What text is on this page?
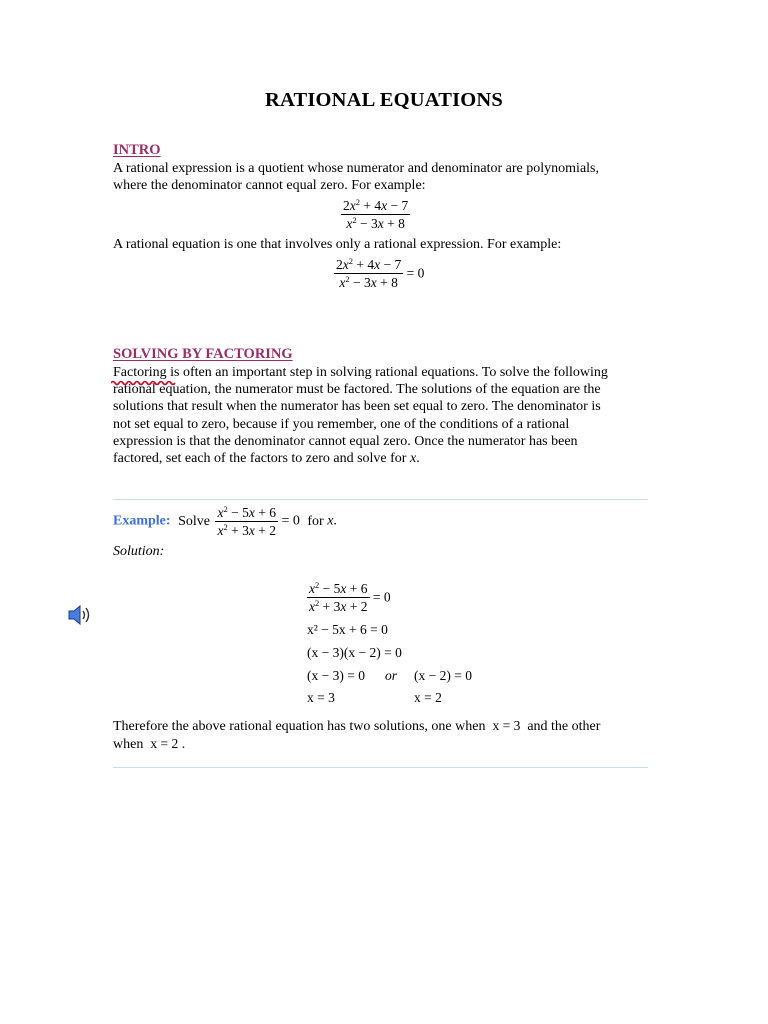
RATIONAL EQUATIONS
INTRO
A rational expression is a quotient whose numerator and denominator are polynomials,
where the denominator cannot equal zero. For example:
$\frac{2x^2 + 4x - 7}{x^2 - 3x + 8}$
A rational equation is one that involves only a rational expression. For example:
$\frac{2x^2 + 4x - 7}{x^2 - 3x + 8} = 0$
SOLVING BY FACTORING
Factoring is often an important step in solving rational equations. To solve the following
rational equation, the numerator must be factored. The solutions of the equation are the
solutions that result when the numerator has been set equal to zero. The denominator is
not set equal to zero, because if you remember, one of the conditions of a rational
expression is that the denominator cannot equal zero. Once the numerator has been
factored, set each of the factors to zero and solve for x.
Example: Solve $\frac{x^2 - 5x + 6}{x^2 + 3x + 2} = 0$ for x.
Solution:
$\frac{x^2 - 5x + 6}{x^2 + 3x + 2} = 0$
x² − 5x + 6 = 0
(x − 3)(x − 2) = 0
(x − 3) = 0 or (x − 2) = 0
x = 3	x = 2
Therefore the above rational equation has two solutions, one when x = 3 and the other
when x = 2 .
